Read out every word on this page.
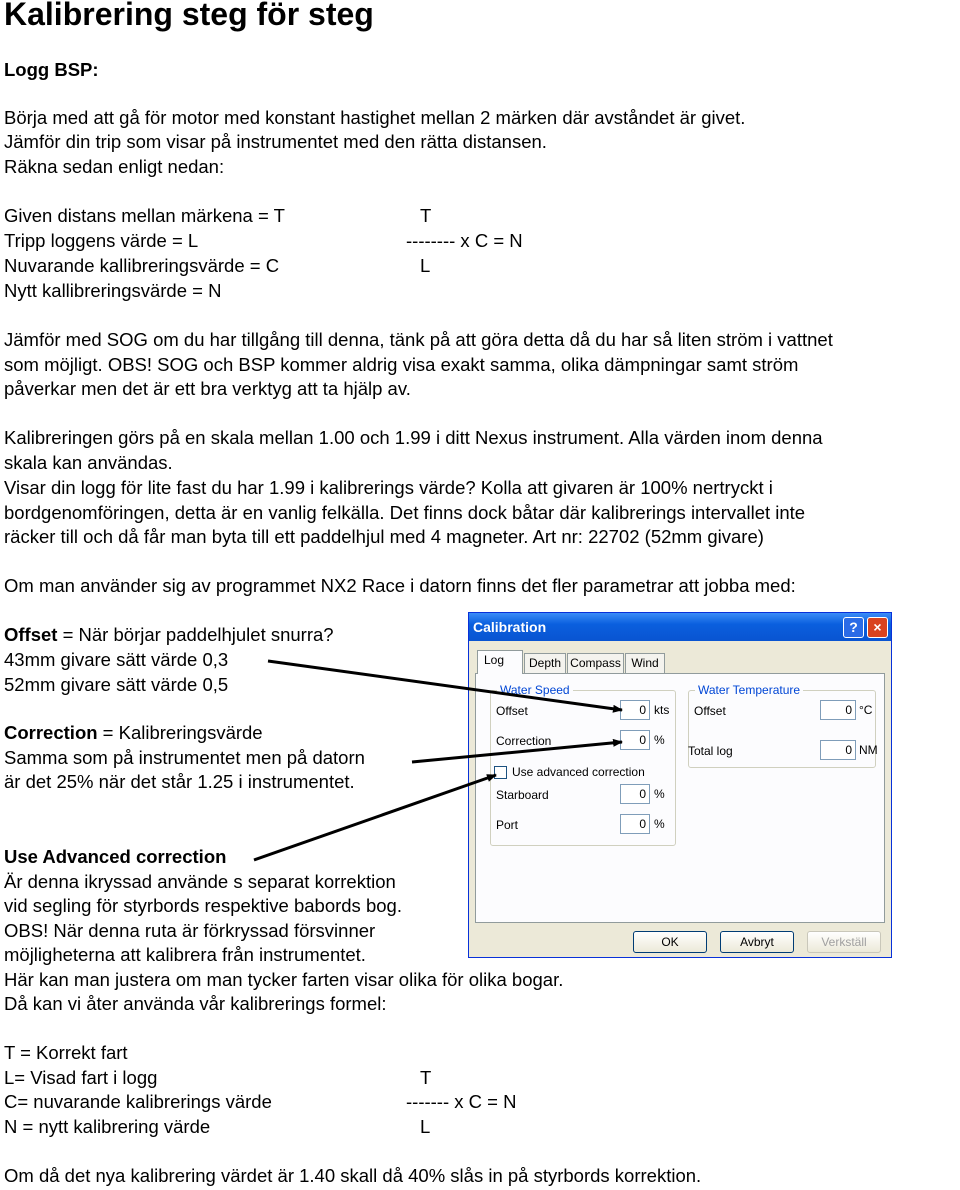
Kalibrering steg för steg
Logg BSP:
Börja med att gå för motor med konstant hastighet mellan 2 märken där avståndet är givet.
Jämför din trip som visar på instrumentet med den rätta distansen.
Räkna sedan enligt nedan:
Given distans mellan märkena = T
Tripp loggens värde = L
Nuvarande kallibreringsvärde = C
Nytt kallibreringsvärde = N
T
-------- x C = N
L
Jämför med SOG om du har tillgång till denna, tänk på att göra detta då du har så liten ström i vattnet
som möjligt. OBS! SOG och BSP kommer aldrig visa exakt samma, olika dämpningar samt ström
påverkar men det är ett bra verktyg att ta hjälp av.
Kalibreringen görs på en skala mellan 1.00 och 1.99 i ditt Nexus instrument. Alla värden inom denna
skala kan användas.
Visar din logg för lite fast du har 1.99 i kalibrerings värde? Kolla att givaren är 100% nertryckt i
bordgenomföringen, detta är en vanlig felkälla. Det finns dock båtar där kalibrerings intervallet inte
räcker till och då får man byta till ett paddelhjul med 4 magneter. Art nr: 22702 (52mm givare)
Om man använder sig av programmet NX2 Race i datorn finns det fler parametrar att jobba med:
Offset = När börjar paddelhjulet snurra?
43mm givare sätt värde 0,3
52mm givare sätt värde 0,5
Correction = Kalibreringsvärde
Samma som på instrumentet men på datorn
är det 25% när det står 1.25 i instrumentet.
Use Advanced correction
Är denna ikryssad använde s separat korrektion
vid segling för styrbords respektive babords bog.
OBS! När denna ruta är förkryssad försvinner
möjligheterna att kalibrera från instrumentet.
Här kan man justera om man tycker farten visar olika för olika bogar.
Då kan vi åter använda vår kalibrerings formel:
T = Korrekt fart
L= Visad fart i logg
C= nuvarande kalibrerings värde
N = nytt kalibrering värde
T
------- x C = N
L
Om då det nya kalibrering värdet är 1.40 skall då 40% slås in på styrbords korrektion.
Calibration	?	×
Log	Depth Compass Wind
Water Speed
Offset	0 kts
Correction	0 %
Use advanced correction
Starboard	0 %
Port	0 %
Water Temperature
Offset	0 °C
Total log	0 NM
OK	Avbryt	Verkställ
